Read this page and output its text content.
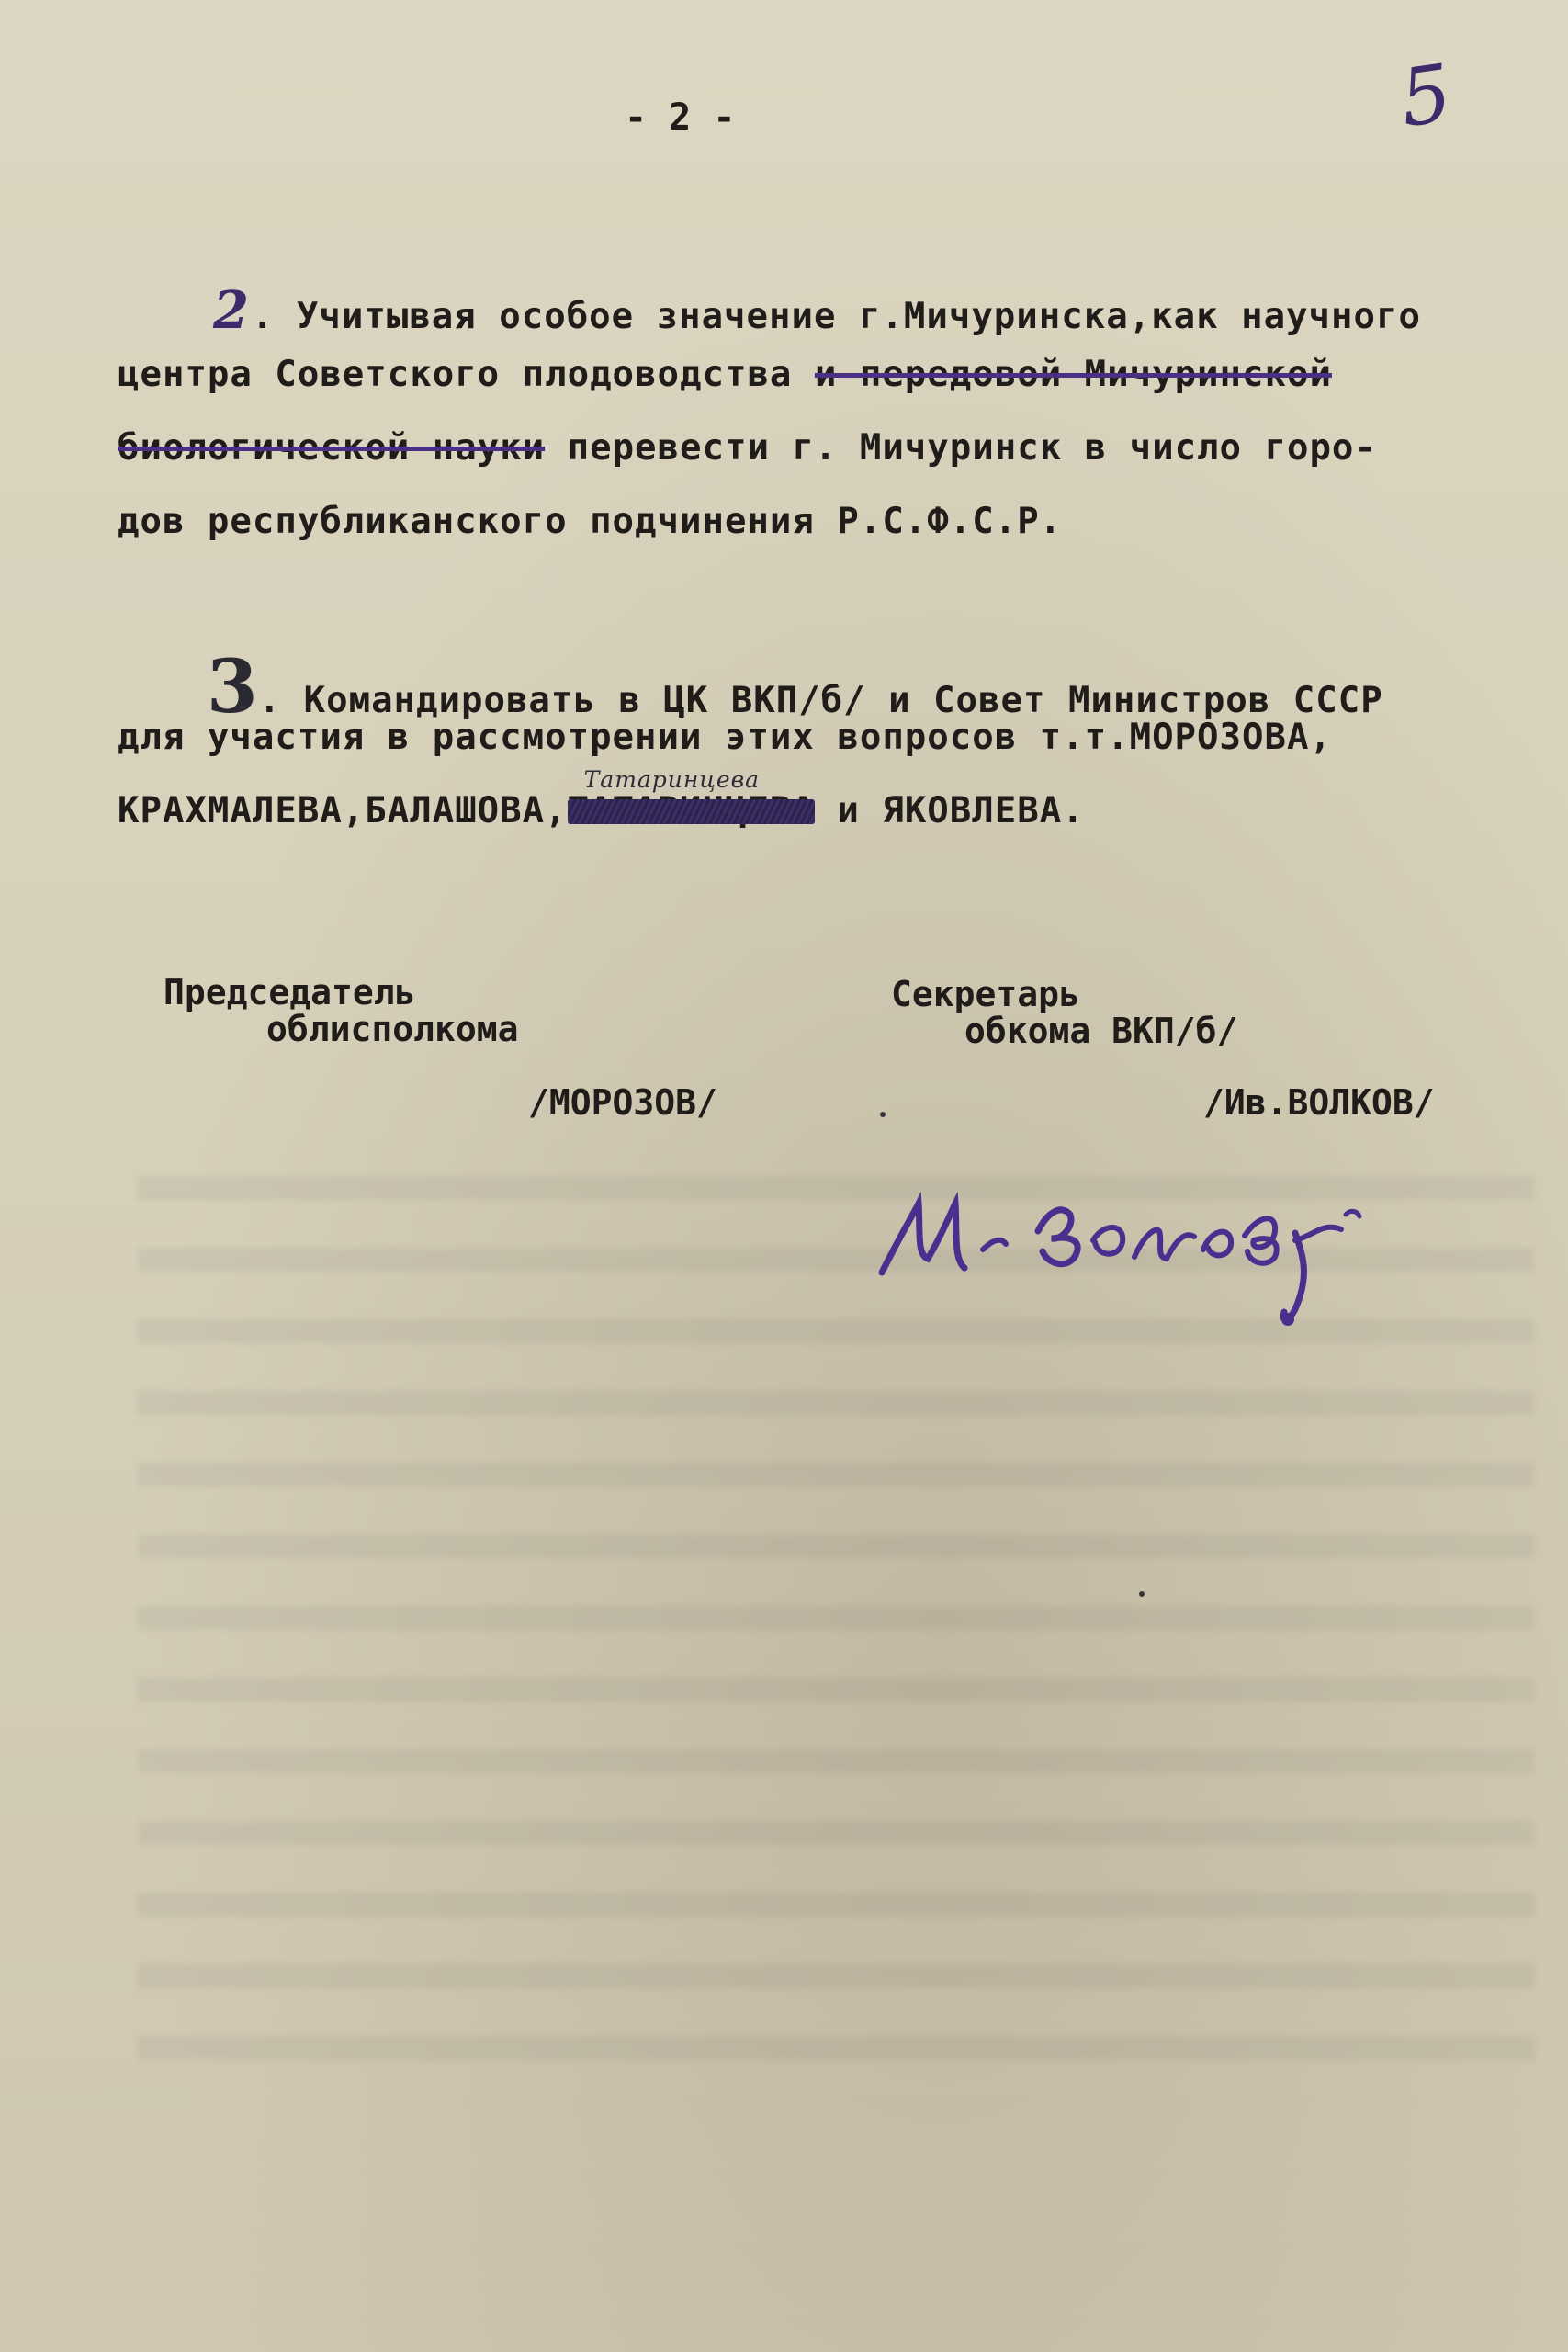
- 2 -	5
2. Учитывая особое значение г.Мичуринска,как научного
центра Советского плодоводства и передовой Мичуринской
биологической науки перевести г. Мичуринск в число горо-
дов республиканского подчинения Р.С.Ф.С.Р.
3. Командировать в ЦК ВКП/б/ и Совет Министров СССР
для участия в рассмотрении этих вопросов т.т.МОРОЗОВА,
КРАХМАЛЕВА,БАЛАШОВА,
Татаринцева
и ЯКОВЛЕВА.
Председатель
облисполкома
/МОРОЗОВ/
Секретарь
обкома ВКП/б/
/Ив.ВОЛКОВ/
